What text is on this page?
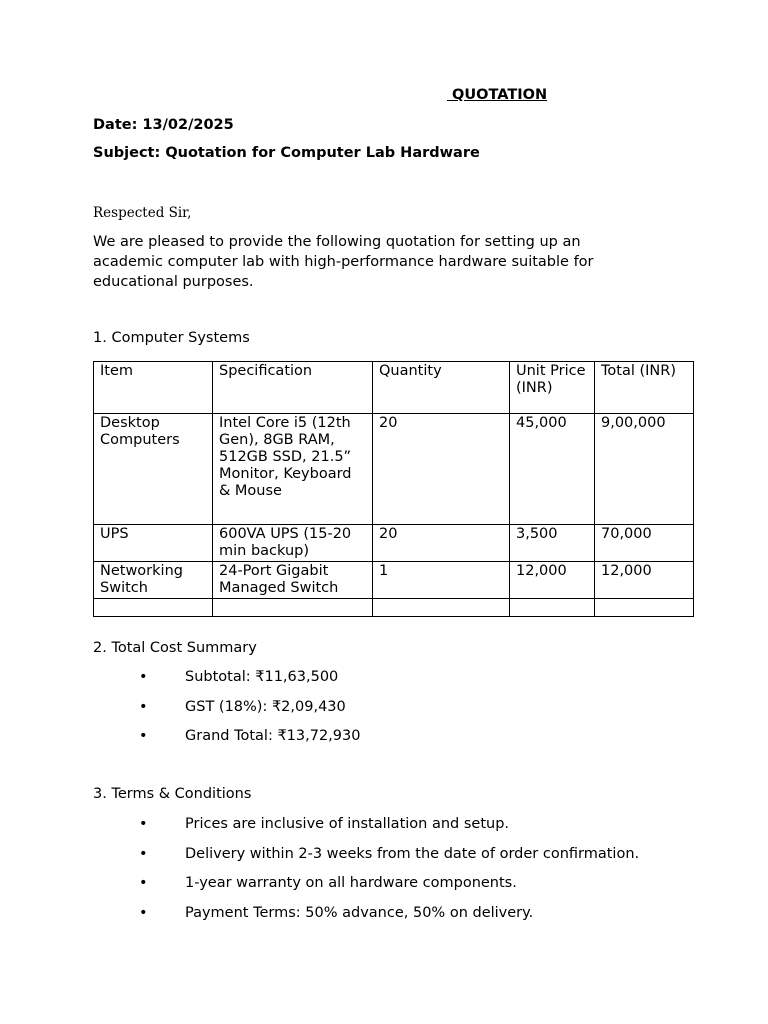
QUOTATION
Date: 13/02/2025
Subject: Quotation for Computer Lab Hardware
Respected Sir,
We are pleased to provide the following quotation for setting up an academic computer lab with high-performance hardware suitable for educational purposes.
1. Computer Systems
Item	Specification	Quantity	Unit Price (INR)	Total (INR)
Desktop Computers	Intel Core i5 (12th Gen), 8GB RAM, 512GB SSD, 21.5” Monitor, Keyboard & Mouse	20	45,000	9,00,000
UPS	600VA UPS (15-20 min backup)	20	3,500	70,000
Networking Switch	24-Port Gigabit Managed Switch	1	12,000	12,000

2. Total Cost Summary
•	Subtotal: ₹11,63,500
•	GST (18%): ₹2,09,430
•	Grand Total: ₹13,72,930
3. Terms & Conditions
•	Prices are inclusive of installation and setup.
•	Delivery within 2-3 weeks from the date of order confirmation.
•	1-year warranty on all hardware components.
•	Payment Terms: 50% advance, 50% on delivery.
